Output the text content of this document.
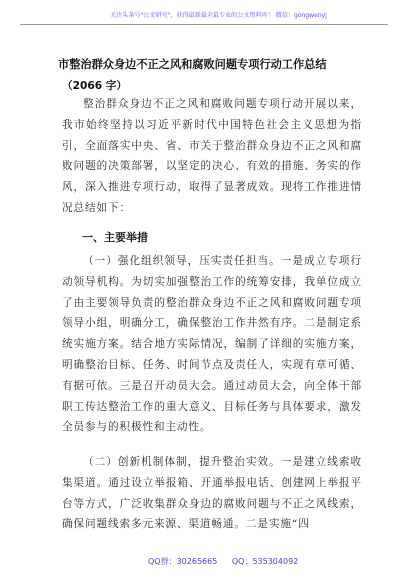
关注头条号"公文研究"，获得最新最全最专业的公文资料库！ 微信：gongwenyj
市整治群众身边不正之风和腐败问题专项行动工作总结
（2066 字）
整治群众身边不正之风和腐败问题专项行动开展以来，我市始终坚持以习近平新时代中国特色社会主义思想为指引，全面落实中央、省、市关于整治群众身边不正之风和腐败问题的决策部署，以坚定的决心、有效的措施、务实的作风，深入推进专项行动，取得了显著成效。现将工作推进情况总结如下：
一、主要举措
（一）强化组织领导，压实责任担当。一是成立专项行动领导机构。为切实加强整治工作的统筹安排，我单位成立了由主要领导负责的整治群众身边不正之风和腐败问题专项领导小组，明确分工，确保整治工作井然有序。二是制定系统实施方案。结合地方实际情况，编制了详细的实施方案，明确整治目标、任务、时间节点及责任人，实现有章可循、有据可依。三是召开动员大会。通过动员大会，向全体干部职工传达整治工作的重大意义、目标任务与具体要求，激发全员参与的积极性和主动性。
（二）创新机制体制，提升整治实效。一是建立线索收集渠道。通过设立举报箱、开通举报电话、创建网上举报平台等方式，广泛收集群众身边的腐败问题与不正之风线索，确保问题线索多元来源、渠道畅通。二是实施“四
QQ群：30265665 QQ：535304092
